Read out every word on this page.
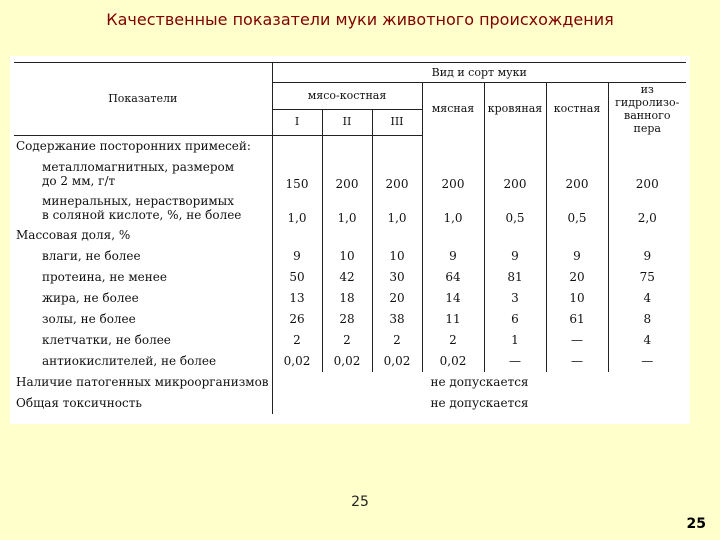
Качественные показатели муки животного происхождения
Показатели	Вид и сорт муки						
	мясо-костная			мясная	кровяная	костная	из гидролизо-ванного пера
	I	II	III				

Содержание посторонних примесей:							

металломагнитных, размером
до 2 мм, г/т	150	200	200	200	200	200	200

минеральных, нерастворимых
в соляной кислоте, %, не более	1,0	1,0	1,0	1,0	0,5	0,5	2,0

Массовая доля, %							

влаги, не более	9	10	10	9	9	9	9

протеина, не менее	50	42	30	64	81	20	75

жира, не более	13	18	20	14	3	10	4

золы, не более	26	28	38	11	6	61	8

клетчатки, не более	2	2	2	2	1	—	4

антиокислителей, не более	0,02	0,02	0,02	0,02	—	—	—

Наличие патогенных микроорганизмов	не допускается						

Общая токсичность	не допускается						
25
25
